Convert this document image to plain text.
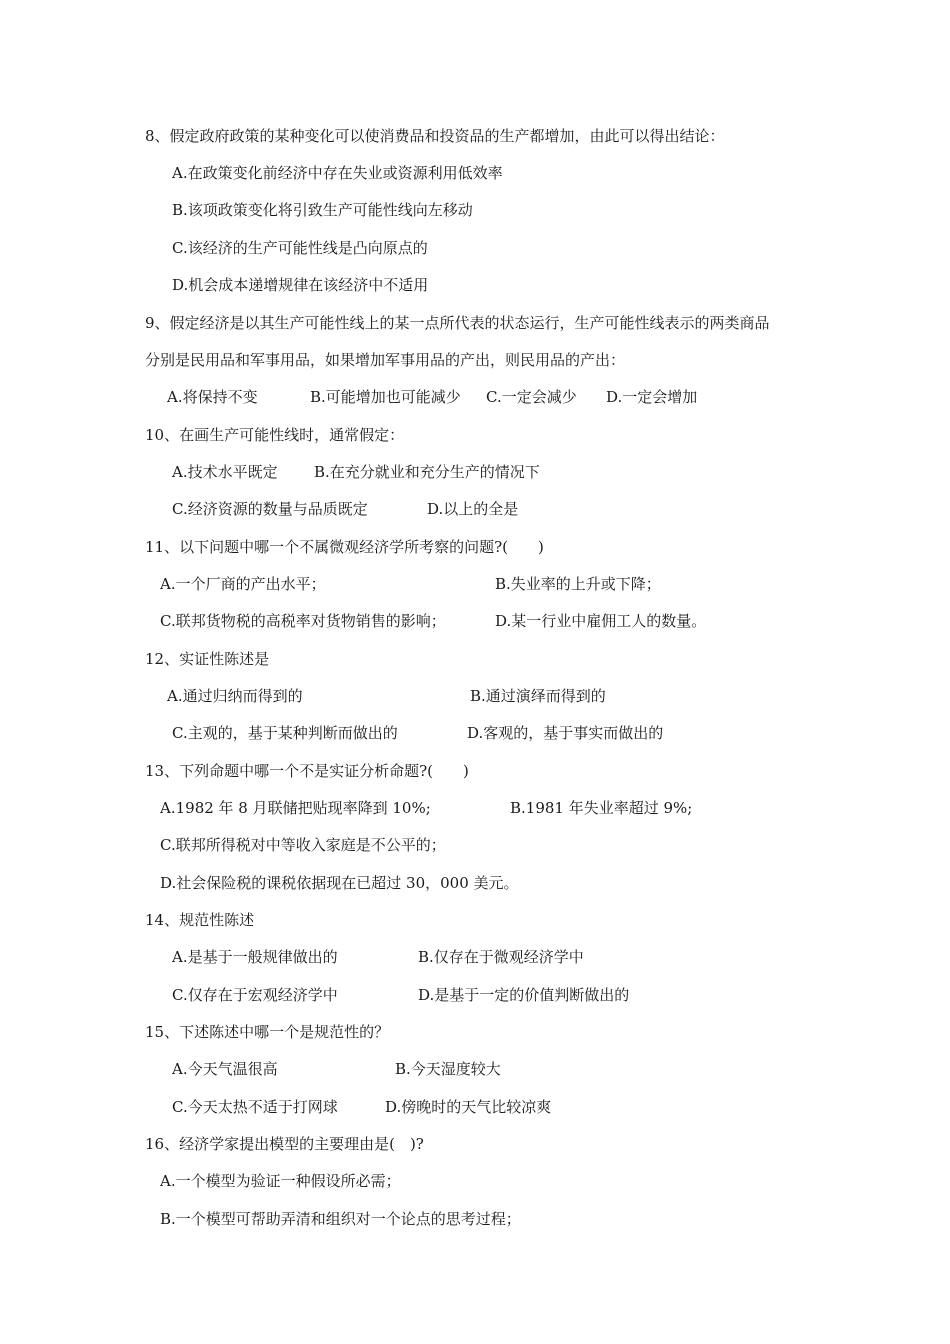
8、假定政府政策的某种变化可以使消费品和投资品的生产都增加，由此可以得出结论：
A.在政策变化前经济中存在失业或资源利用低效率
B.该项政策变化将引致生产可能性线向左移动
C.该经济的生产可能性线是凸向原点的
D.机会成本递增规律在该经济中不适用
9、假定经济是以其生产可能性线上的某一点所代表的状态运行，生产可能性线表示的两类商品
分别是民用品和军事用品，如果增加军事用品的产出，则民用品的产出：
A.将保持不变	B.可能增加也可能减少 C.一定会减少 D.一定会增加
10、在画生产可能性线时，通常假定：
A.技术水平既定 B.在充分就业和充分生产的情况下
C.经济资源的数量与品质既定	D.以上的全是
11、以下问题中哪一个不属微观经济学所考察的问题?(　　)
A.一个厂商的产出水平；	B.失业率的上升或下降；
C.联邦货物税的高税率对货物销售的影响；	D.某一行业中雇佣工人的数量。
12、实证性陈述是
A.通过归纳而得到的	B.通过演绎而得到的
C.主观的，基于某种判断而做出的	D.客观的，基于事实而做出的
13、下列命题中哪一个不是实证分析命题?(　　)
A.1982 年 8 月联储把贴现率降到 10%;	B.1981 年失业率超过 9%;
C.联邦所得税对中等收入家庭是不公平的；
D.社会保险税的课税依据现在已超过 30，000 美元。
14、规范性陈述
A.是基于一般规律做出的	B.仅存在于微观经济学中
C.仅存在于宏观经济学中	D.是基于一定的价值判断做出的
15、下述陈述中哪一个是规范性的？
A.今天气温很高	B.今天湿度较大
C.今天太热不适于打网球	D.傍晚时的天气比较凉爽
16、经济学家提出模型的主要理由是(　)?
A.一个模型为验证一种假设所必需；
B.一个模型可帮助弄清和组织对一个论点的思考过程；
